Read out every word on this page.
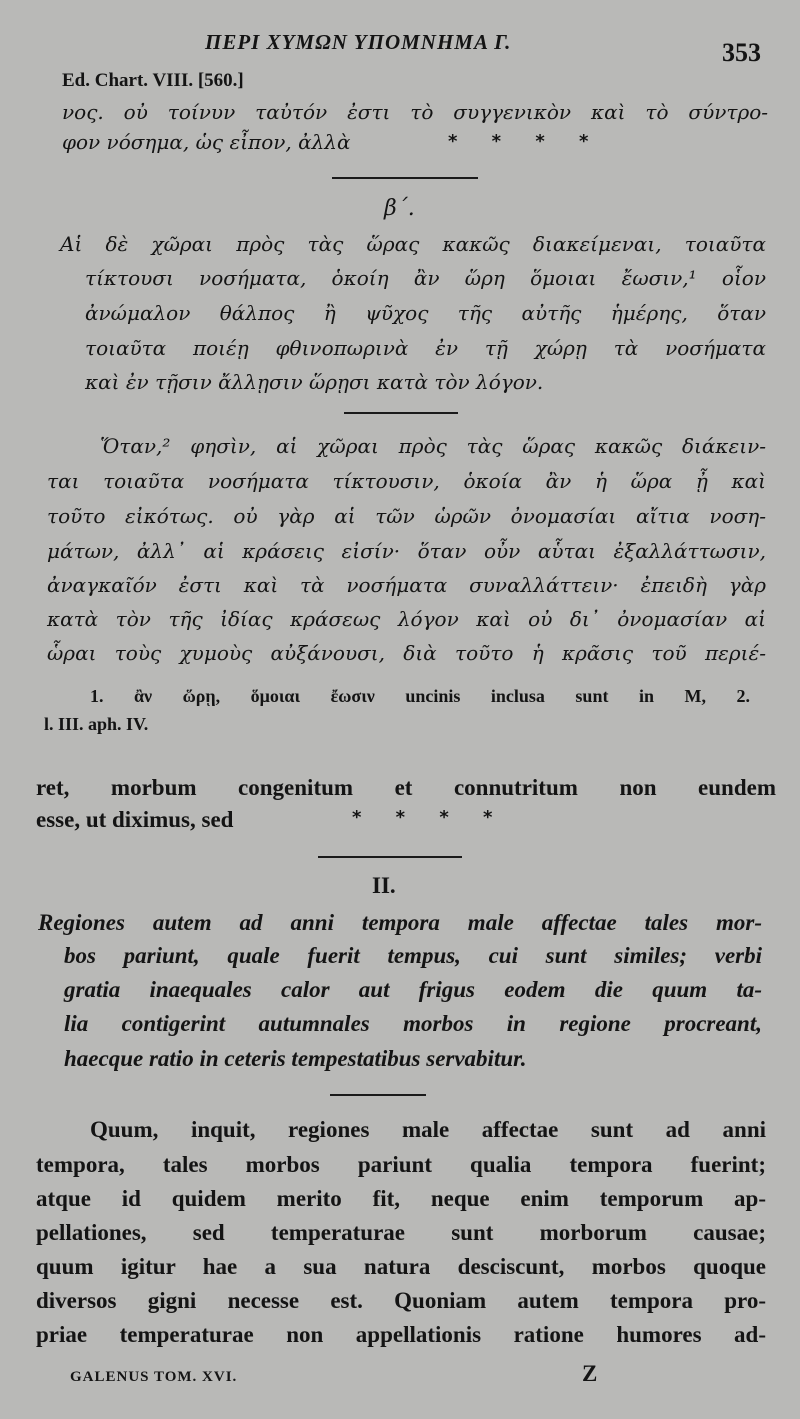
ΠΕΡΙ ΧΥΜΩΝ ΥΠΟΜΝΗΜΑ Γ.	353
Ed. Chart. VIII. [560.]
νος. οὐ τοίνυν ταὐτόν ἐστι τὸ συγγενικὸν καὶ τὸ σύντρο-
φον νόσημα, ὡς εἶπον, ἀλλὰ	* * * *
β΄.
Αἱ δὲ χῶραι πρὸς τὰς ὥρας κακῶς διακείμεναι, τοιαῦτα
τίκτουσι νοσήματα, ὁκοίη ἂν ὥρη ὅμοιαι ἔωσιν,¹ οἷον
ἀνώμαλον θάλπος ἢ ψῦχος τῆς αὐτῆς ἡμέρης, ὅταν
τοιαῦτα ποιέῃ φθινοπωρινὰ ἐν τῇ χώρῃ τὰ νοσήματα
καὶ ἐν τῇσιν ἄλλῃσιν ὥρῃσι κατὰ τὸν λόγον.
Ὅταν,² φησὶν, αἱ χῶραι πρὸς τὰς ὥρας κακῶς διάκειν-
ται τοιαῦτα νοσήματα τίκτουσιν, ὁκοία ἂν ἡ ὥρα ᾖ καὶ
τοῦτο εἰκότως. οὐ γὰρ αἱ τῶν ὡρῶν ὀνομασίαι αἴτια νοση-
μάτων, ἀλλ᾿ αἱ κράσεις εἰσίν· ὅταν οὖν αὗται ἐξαλλάττωσιν,
ἀναγκαῖόν ἐστι καὶ τὰ νοσήματα συναλλάττειν· ἐπειδὴ γὰρ
κατὰ τὸν τῆς ἰδίας κράσεως λόγον καὶ οὐ δι᾿ ὀνομασίαν αἱ
ὧραι τοὺς χυμοὺς αὐξάνουσι, διὰ τοῦτο ἡ κρᾶσις τοῦ περιέ-
1. ἂν ὥρῃ, ὅμοιαι ἔωσιν uncinis inclusa sunt in M, 2.
l. III. aph. IV.
ret, morbum congenitum et connutritum non eundem
esse, ut diximus, sed	* * * *
II.
Regiones autem ad anni tempora male affectae tales mor-
bos pariunt, quale fuerit tempus, cui sunt similes; verbi
gratia inaequales calor aut frigus eodem die quum ta-
lia contigerint autumnales morbos in regione procreant,
haecque ratio in ceteris tempestatibus servabitur.
Quum, inquit, regiones male affectae sunt ad anni
tempora, tales morbos pariunt qualia tempora fuerint;
atque id quidem merito fit, neque enim temporum ap-
pellationes, sed temperaturae sunt morborum causae;
quum igitur hae a sua natura desciscunt, morbos quoque
diversos gigni necesse est. Quoniam autem tempora pro-
priae temperaturae non appellationis ratione humores ad-
GALENUS TOM. XVI.	Z
